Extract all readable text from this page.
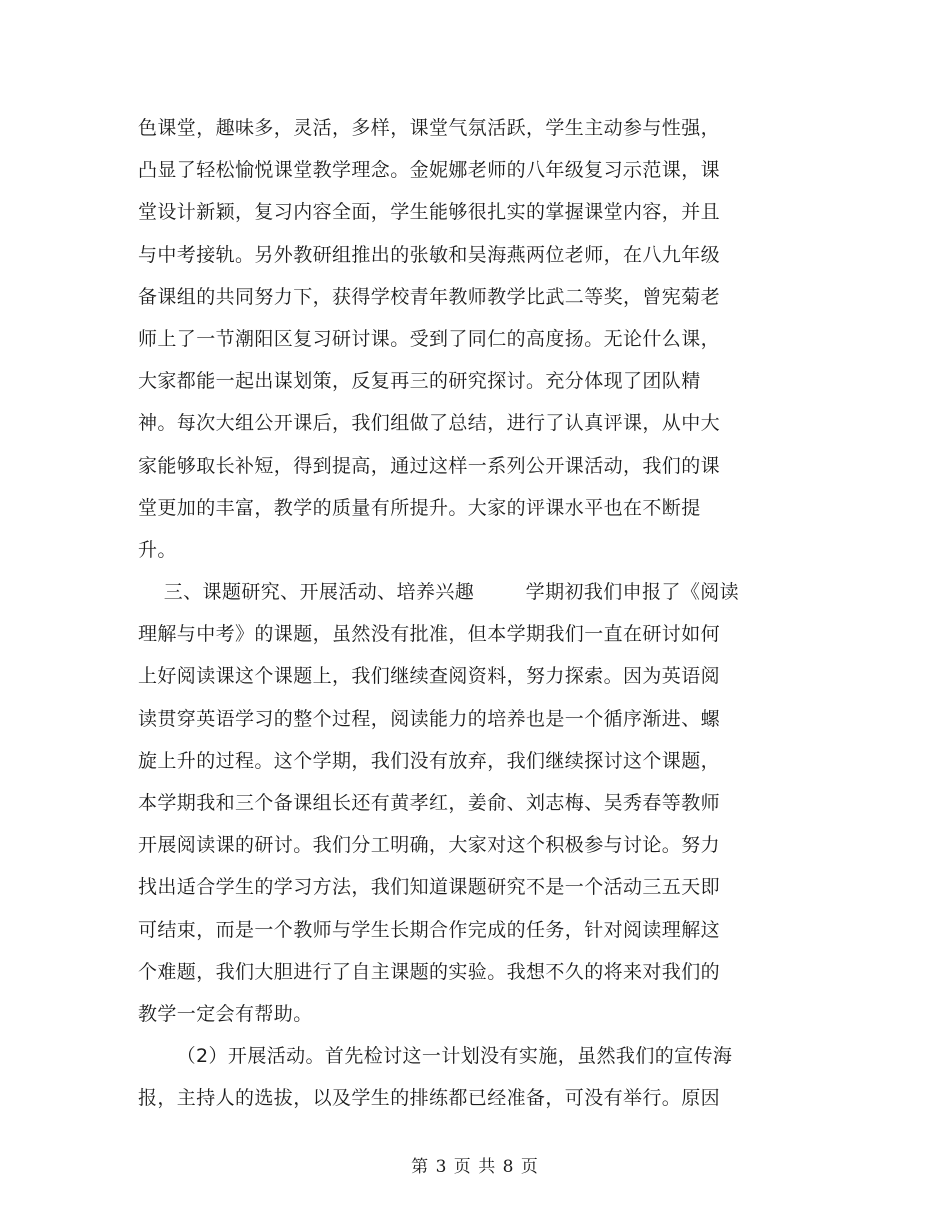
色课堂，趣味多，灵活，多样，课堂气氛活跃，学生主动参与性强，
凸显了轻松愉悦课堂教学理念。金妮娜老师的八年级复习示范课，课
堂设计新颖，复习内容全面，学生能够很扎实的掌握课堂内容，并且
与中考接轨。另外教研组推出的张敏和吴海燕两位老师，在八九年级
备课组的共同努力下，获得学校青年教师教学比武二等奖，曾宪菊老
师上了一节潮阳区复习研讨课。受到了同仁的高度扬。无论什么课，
大家都能一起出谋划策，反复再三的研究探讨。充分体现了团队精
神。每次大组公开课后，我们组做了总结，进行了认真评课，从中大
家能够取长补短，得到提高，通过这样一系列公开课活动，我们的课
堂更加的丰富，教学的质量有所提升。大家的评课水平也在不断提
升。
三、课题研究、开展活动、培养兴趣        学期初我们申报了《阅读
理解与中考》的课题，虽然没有批准，但本学期我们一直在研讨如何
上好阅读课这个课题上，我们继续查阅资料，努力探索。因为英语阅
读贯穿英语学习的整个过程，阅读能力的培养也是一个循序渐进、螺
旋上升的过程。这个学期，我们没有放弃，我们继续探讨这个课题，
本学期我和三个备课组长还有黄孝红，姜俞、刘志梅、吴秀春等教师
开展阅读课的研讨。我们分工明确，大家对这个积极参与讨论。努力
找出适合学生的学习方法，我们知道课题研究不是一个活动三五天即
可结束，而是一个教师与学生长期合作完成的任务，针对阅读理解这
个难题，我们大胆进行了自主课题的实验。我想不久的将来对我们的
教学一定会有帮助。
（2）开展活动。首先检讨这一计划没有实施，虽然我们的宣传海
报，主持人的选拔，以及学生的排练都已经准备，可没有举行。原因
第 3 页 共 8 页
